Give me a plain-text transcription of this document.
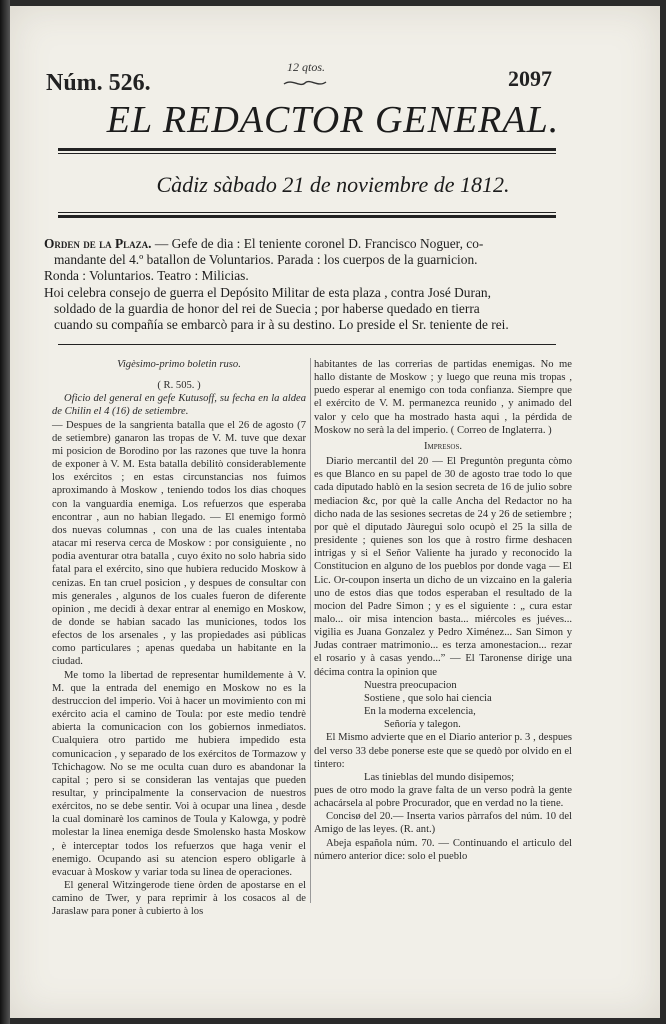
Núm. 526.
12 qtos.	2097
EL REDACTOR GENERAL.
Càdiz sàbado 21 de noviembre de 1812.

Orden de la Plaza. — Gefe de dia : El teniente coronel D. Francisco Noguer, co-

mandante del 4.º batallon de Voluntarios. Parada : los cuerpos de la guarnicion.

Ronda : Voluntarios. Teatro : Milicias.

Hoi celebra consejo de guerra el Depósito Militar de esta plaza , contra José Duran,

soldado de la guardia de honor del rei de Suecia ; por haberse quedado en tierra

cuando su compañía se embarcò para ir à su destino. Lo preside el Sr. teniente de rei.

Vigèsimo-primo boletin ruso.

( R. 505. )

Oficio del general en gefe Kutusoff, su fecha en la aldea de Chilin el 4 (16) de setiembre.

— Despues de la sangrienta batalla que el 26 de agosto (7 de setiembre) ganaron las tropas de V. M. tuve que dexar mi posicion de Borodino por las razones que tuve la honra de exponer à V. M. Esta batalla debilitò considerablemente los exércitos ; en estas circunstancias nos fuimos aproximando à Moskow , teniendo todos los dias choques con la vanguardia enemiga. Los refuerzos que esperaba encontrar , aun no habian llegado. — El enemigo formò dos nuevas columnas , con una de las cuales intentaba atacar mi reserva cerca de Moskow : por consiguiente , no podia aventurar otra batalla , cuyo éxito no solo habria sido fatal para el exército, sino que hubiera reducido Moskow à cenizas. En tan cruel posicion , y despues de consultar con mis generales , algunos de los cuales fueron de diferente opinion , me decidì à dexar entrar al enemigo en Moskow, de donde se habian sacado las municiones, todos los efectos de los arsenales , y las propiedades asi públicas como particulares ; apenas quedaba un habitante en la ciudad.

Me tomo la libertad de representar humildemente à V. M. que la entrada del enemigo en Moskow no es la destruccion del imperio. Voi à hacer un movimiento con mi exército acia el camino de Toula: por este medio tendrè abierta la comunicacion con los gobiernos inmediatos. Cualquiera otro partido me hubiera impedido esta comunicacion , y separado de los exércitos de Tormazow y Tchichagow. No se me oculta cuan duro es abandonar la capital ; pero si se consideran las ventajas que pueden resultar, y principalmente la conservacion de nuestros exércitos, no se debe sentir. Voi à ocupar una linea , desde la cual dominarè los caminos de Toula y Kalowga, y podrè molestar la linea enemiga desde Smolensko hasta Moskow , è interceptar todos los refuerzos que haga venir el enemigo. Ocupando asi su atencion espero obligarle à evacuar à Moskow y variar toda su linea de operaciones.

El general Witzingerode tiene òrden de apostarse en el camino de Twer, y para reprimir à los cosacos al de Jaraslaw para poner à cubierto à los

habitantes de las correrias de partidas enemigas. No me hallo distante de Moskow ; y luego que reuna mis tropas , puedo esperar al enemigo con toda confianza. Siempre que el exército de V. M. permanezca reunido , y animado del valor y celo que ha mostrado hasta aqui , la pérdida de Moskow no serà la del imperio. ( Correo de Inglaterra. )

Impresos.

Diario mercantil del 20 — El Preguntòn pregunta còmo es que Blanco en su papel de 30 de agosto trae todo lo que cada diputado hablò en la sesion secreta de 16 de julio sobre mediacion &c, por què la calle Ancha del Redactor no ha dicho nada de las sesiones secretas de 24 y 26 de setiembre ; por què el diputado Jàuregui solo ocupò el 25 la silla de presidente ; quienes son los que à rostro firme deshacen intrigas y si el Señor Valiente ha jurado y reconocido la Constitucion en alguno de los pueblos por donde vaga — El Lic. Or-coupon inserta un dicho de un vizcaino en la galeria uno de estos dias que todos esperaban el resultado de la mocion del Padre Simon ; y es el siguiente : „ cura estar malo... oir misa intencion basta... miércoles es juéves... vigilia es Juana Gonzalez y Pedro Ximénez... San Simon y Judas contraer matrimonio... es terza amonestacion... rezar el rosario y à casas yendo...” — El Taronense dirige una décima contra la opinion que

Nuestra preocupacion

Sostiene , que solo hai ciencia

En la moderna excelencia,

Señoría y talegon.

El Mismo advierte que en el Diario anterior p. 3 , despues del verso 33 debe ponerse este que se quedò por olvido en el tintero:

Las tinieblas del mundo disipemos;

pues de otro modo la grave falta de un verso podrà la gente achacársela al pobre Procurador, que en verdad no la tiene.

Concisø del 20.— Inserta varios pàrrafos del núm. 10 del Amigo de las leyes. (R. ant.)

Abeja española núm. 70. — Continuando el articulo del número anterior dice: solo el pueblo
